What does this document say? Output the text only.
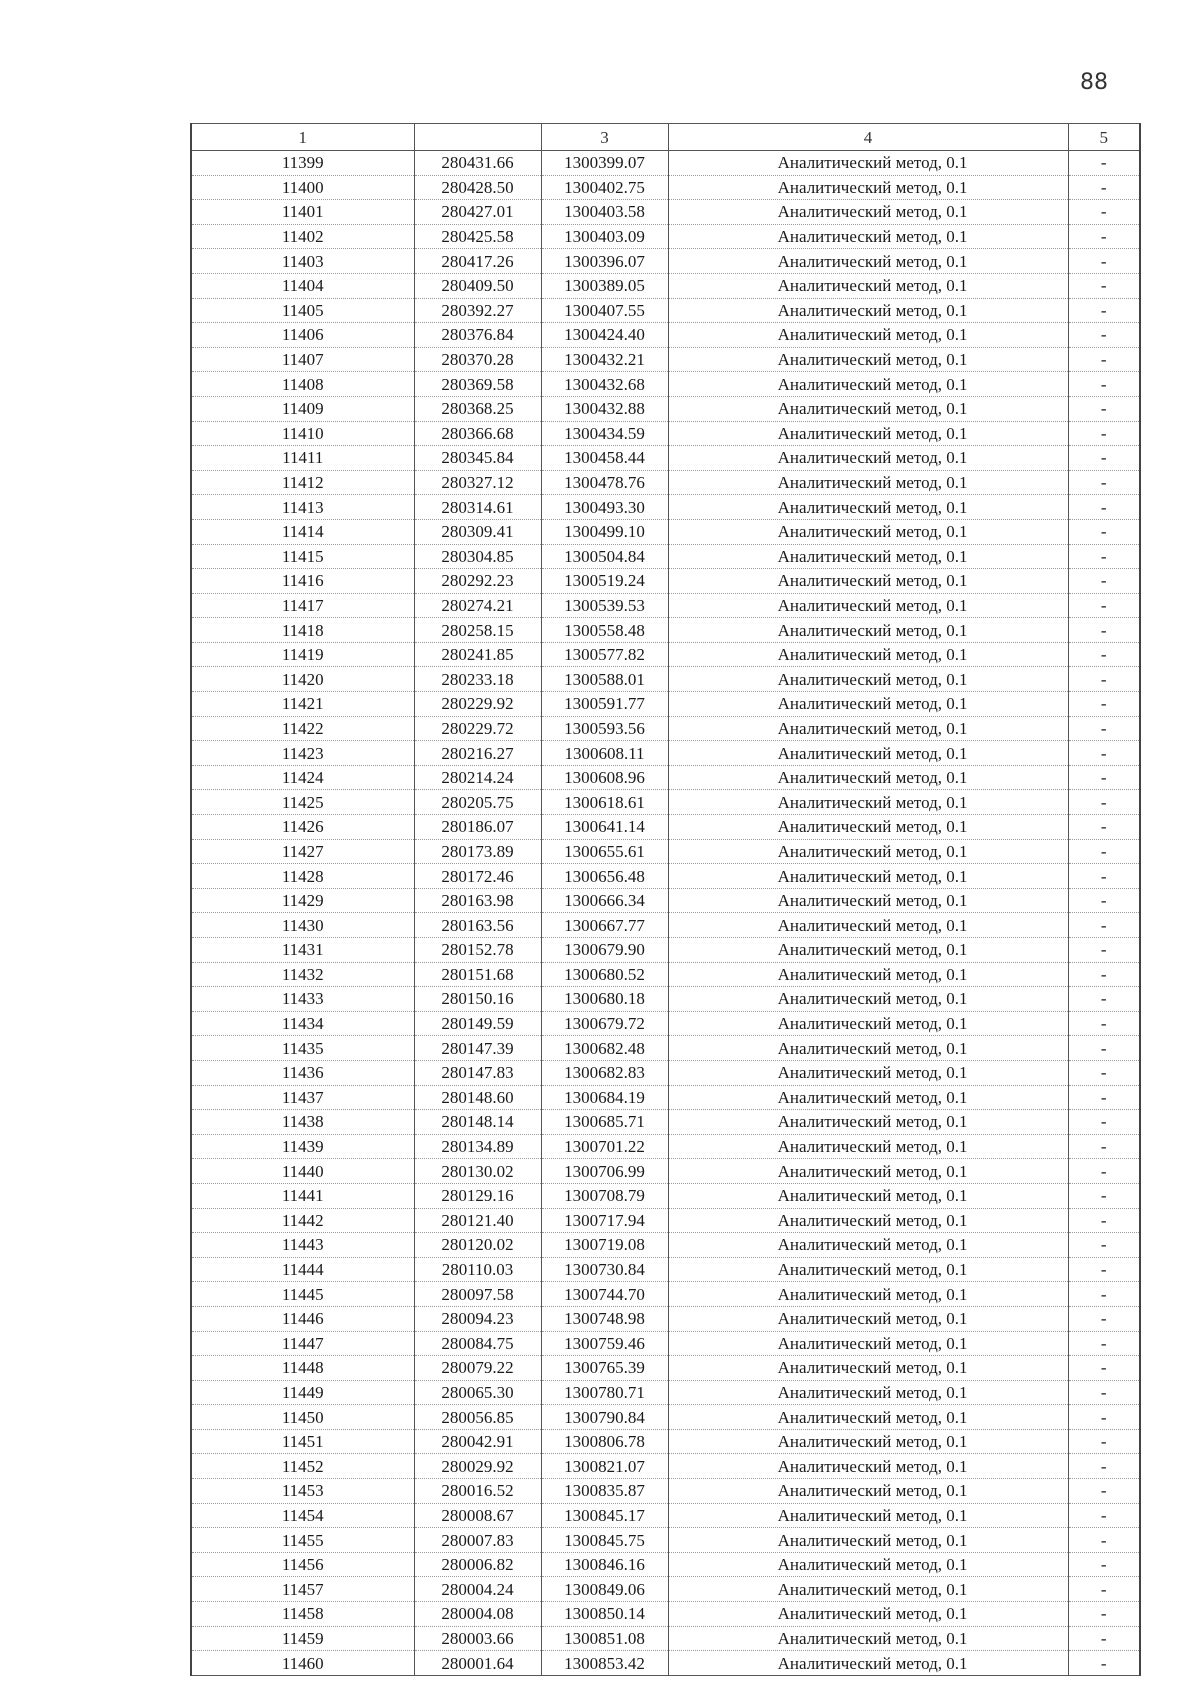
88
1		3	4	5
11399	280431.66	1300399.07	Аналитический метод, 0.1	-
11400	280428.50	1300402.75	Аналитический метод, 0.1	-
11401	280427.01	1300403.58	Аналитический метод, 0.1	-
11402	280425.58	1300403.09	Аналитический метод, 0.1	-
11403	280417.26	1300396.07	Аналитический метод, 0.1	-
11404	280409.50	1300389.05	Аналитический метод, 0.1	-
11405	280392.27	1300407.55	Аналитический метод, 0.1	-
11406	280376.84	1300424.40	Аналитический метод, 0.1	-
11407	280370.28	1300432.21	Аналитический метод, 0.1	-
11408	280369.58	1300432.68	Аналитический метод, 0.1	-
11409	280368.25	1300432.88	Аналитический метод, 0.1	-
11410	280366.68	1300434.59	Аналитический метод, 0.1	-
11411	280345.84	1300458.44	Аналитический метод, 0.1	-
11412	280327.12	1300478.76	Аналитический метод, 0.1	-
11413	280314.61	1300493.30	Аналитический метод, 0.1	-
11414	280309.41	1300499.10	Аналитический метод, 0.1	-
11415	280304.85	1300504.84	Аналитический метод, 0.1	-
11416	280292.23	1300519.24	Аналитический метод, 0.1	-
11417	280274.21	1300539.53	Аналитический метод, 0.1	-
11418	280258.15	1300558.48	Аналитический метод, 0.1	-
11419	280241.85	1300577.82	Аналитический метод, 0.1	-
11420	280233.18	1300588.01	Аналитический метод, 0.1	-
11421	280229.92	1300591.77	Аналитический метод, 0.1	-
11422	280229.72	1300593.56	Аналитический метод, 0.1	-
11423	280216.27	1300608.11	Аналитический метод, 0.1	-
11424	280214.24	1300608.96	Аналитический метод, 0.1	-
11425	280205.75	1300618.61	Аналитический метод, 0.1	-
11426	280186.07	1300641.14	Аналитический метод, 0.1	-
11427	280173.89	1300655.61	Аналитический метод, 0.1	-
11428	280172.46	1300656.48	Аналитический метод, 0.1	-
11429	280163.98	1300666.34	Аналитический метод, 0.1	-
11430	280163.56	1300667.77	Аналитический метод, 0.1	-
11431	280152.78	1300679.90	Аналитический метод, 0.1	-
11432	280151.68	1300680.52	Аналитический метод, 0.1	-
11433	280150.16	1300680.18	Аналитический метод, 0.1	-
11434	280149.59	1300679.72	Аналитический метод, 0.1	-
11435	280147.39	1300682.48	Аналитический метод, 0.1	-
11436	280147.83	1300682.83	Аналитический метод, 0.1	-
11437	280148.60	1300684.19	Аналитический метод, 0.1	-
11438	280148.14	1300685.71	Аналитический метод, 0.1	-
11439	280134.89	1300701.22	Аналитический метод, 0.1	-
11440	280130.02	1300706.99	Аналитический метод, 0.1	-
11441	280129.16	1300708.79	Аналитический метод, 0.1	-
11442	280121.40	1300717.94	Аналитический метод, 0.1	-
11443	280120.02	1300719.08	Аналитический метод, 0.1	-
11444	280110.03	1300730.84	Аналитический метод, 0.1	-
11445	280097.58	1300744.70	Аналитический метод, 0.1	-
11446	280094.23	1300748.98	Аналитический метод, 0.1	-
11447	280084.75	1300759.46	Аналитический метод, 0.1	-
11448	280079.22	1300765.39	Аналитический метод, 0.1	-
11449	280065.30	1300780.71	Аналитический метод, 0.1	-
11450	280056.85	1300790.84	Аналитический метод, 0.1	-
11451	280042.91	1300806.78	Аналитический метод, 0.1	-
11452	280029.92	1300821.07	Аналитический метод, 0.1	-
11453	280016.52	1300835.87	Аналитический метод, 0.1	-
11454	280008.67	1300845.17	Аналитический метод, 0.1	-
11455	280007.83	1300845.75	Аналитический метод, 0.1	-
11456	280006.82	1300846.16	Аналитический метод, 0.1	-
11457	280004.24	1300849.06	Аналитический метод, 0.1	-
11458	280004.08	1300850.14	Аналитический метод, 0.1	-
11459	280003.66	1300851.08	Аналитический метод, 0.1	-
11460	280001.64	1300853.42	Аналитический метод, 0.1	-
